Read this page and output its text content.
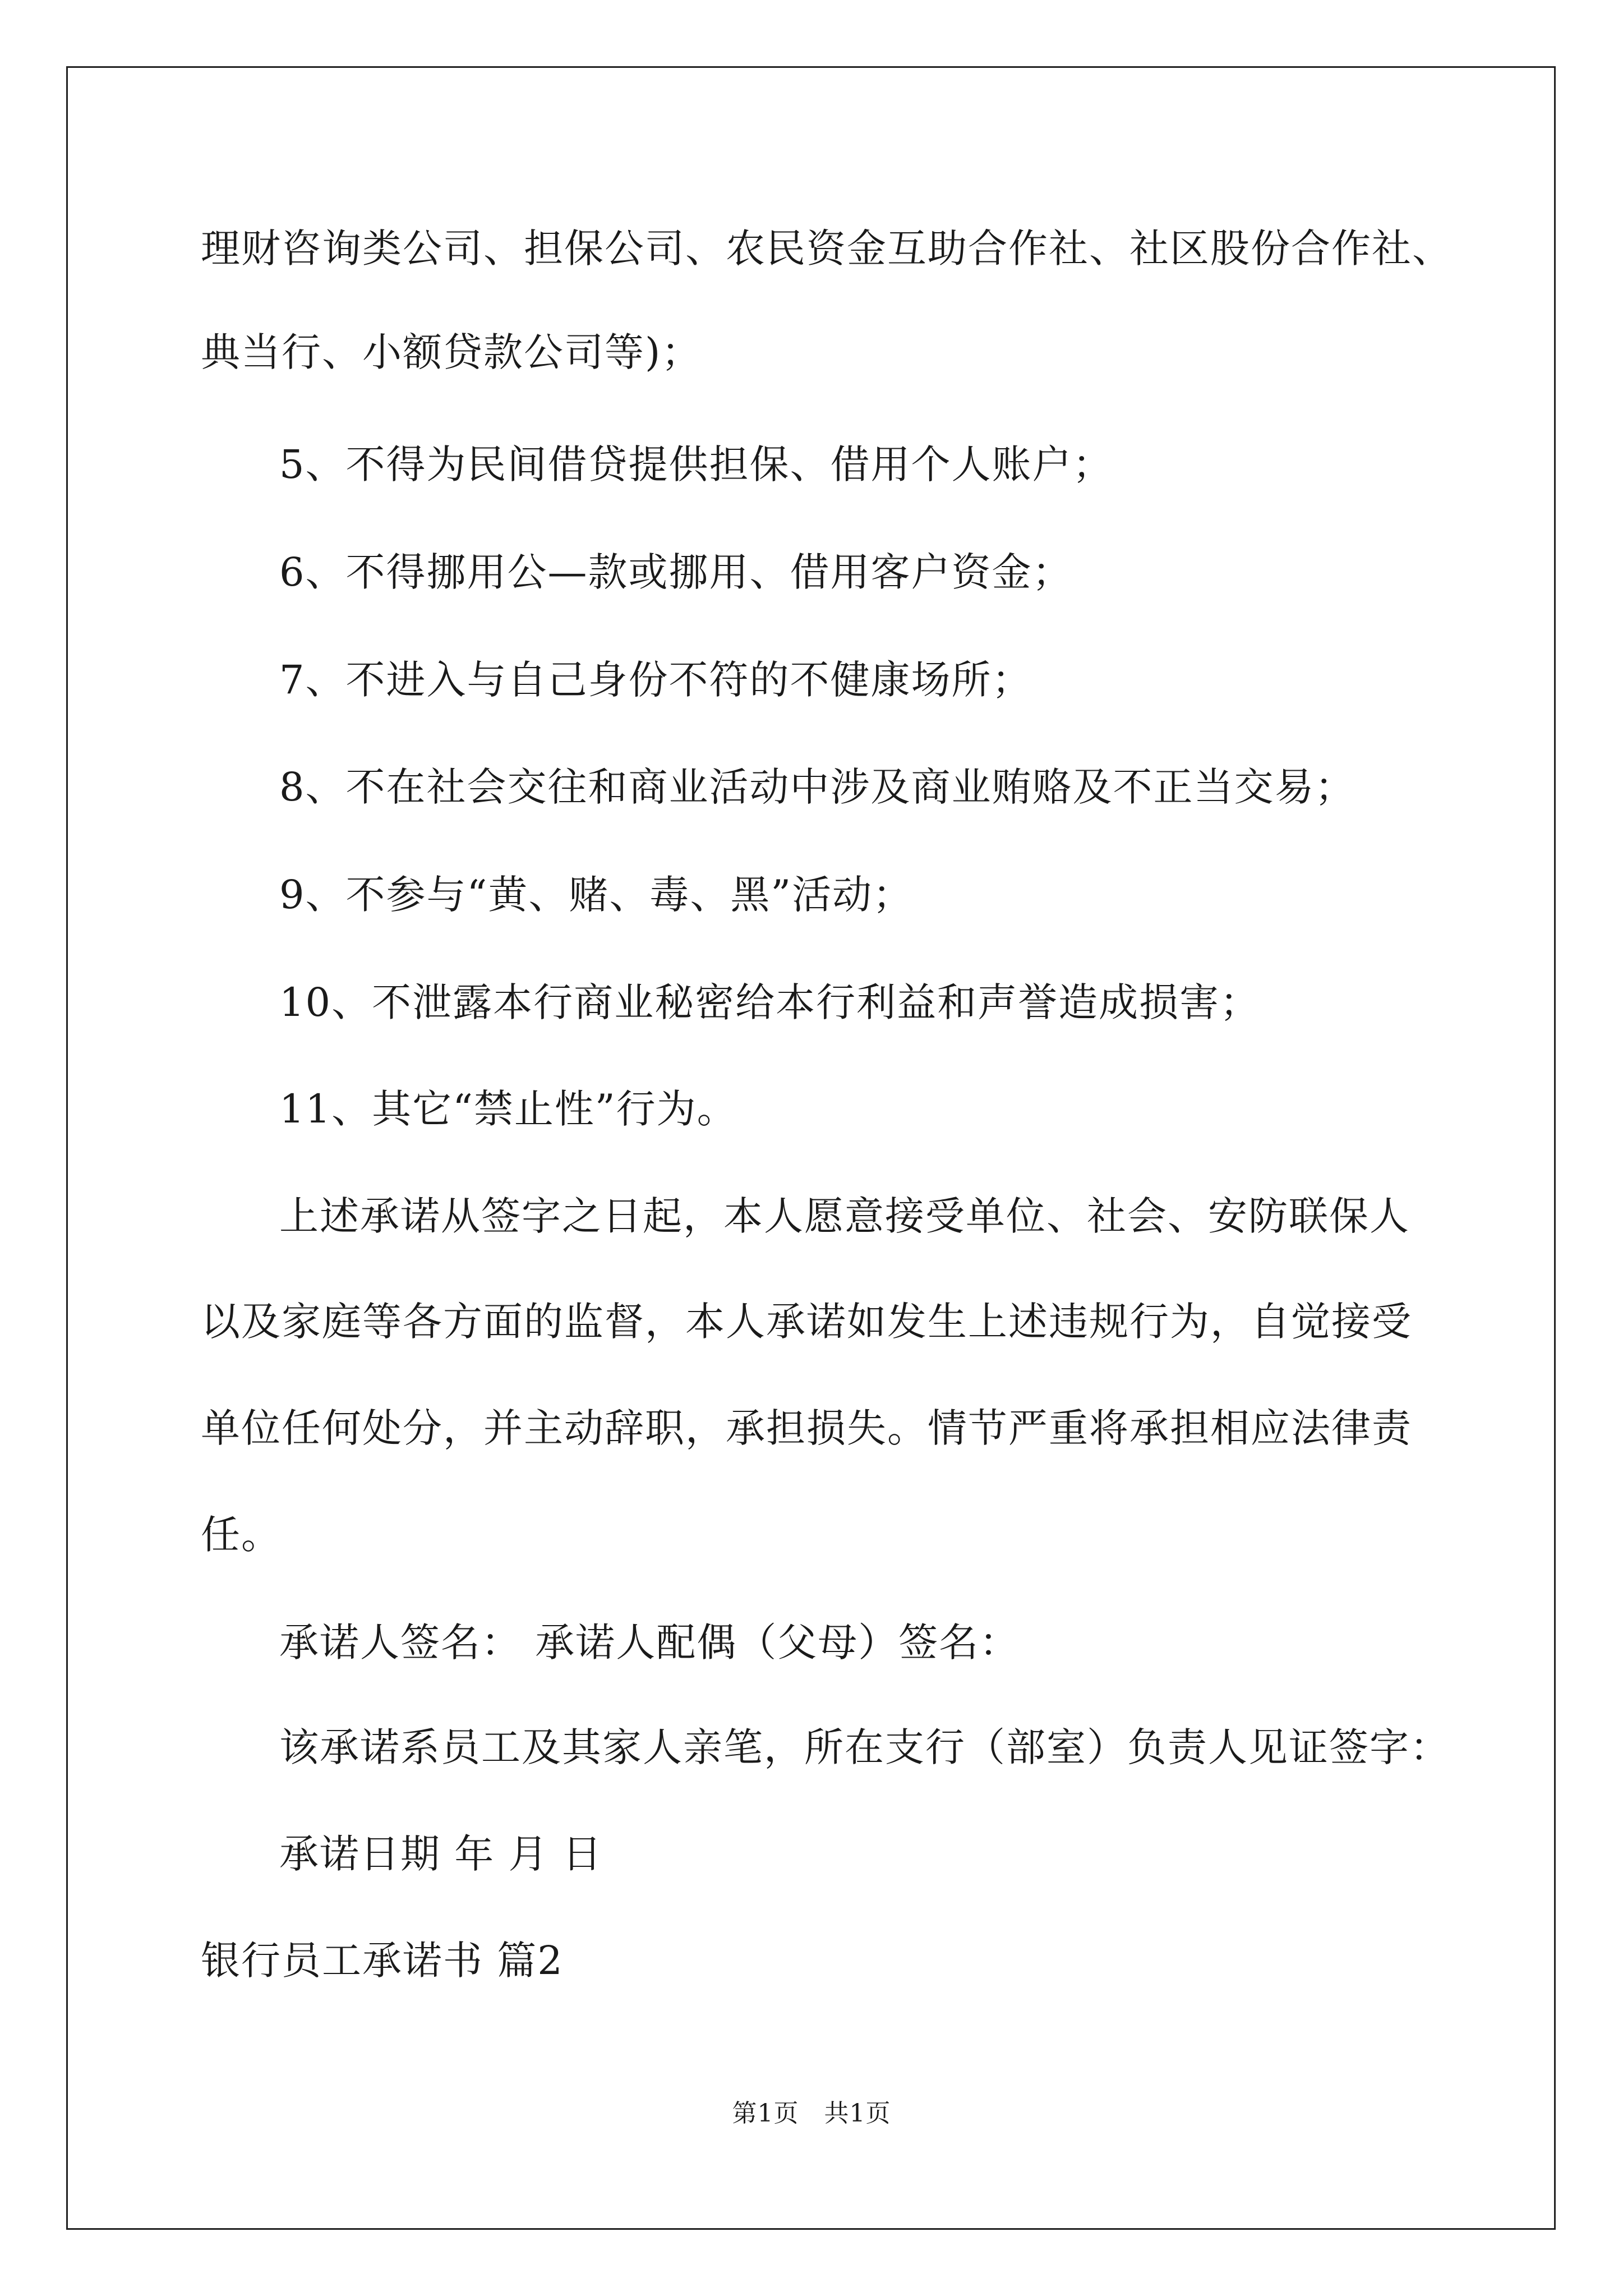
理财咨询类公司、担保公司、农民资金互助合作社、社区股份合作社、
典当行、小额贷款公司等)；
5、不得为民间借贷提供担保、借用个人账户；
6、不得挪用公—款或挪用、借用客户资金；
7、不进入与自己身份不符的不健康场所；
8、不在社会交往和商业活动中涉及商业贿赂及不正当交易；
9、不参与“黄、赌、毒、黑”活动；
10、不泄露本行商业秘密给本行利益和声誉造成损害；
11、其它“禁止性”行为。
上述承诺从签字之日起，本人愿意接受单位、社会、安防联保人
以及家庭等各方面的监督，本人承诺如发生上述违规行为，自觉接受
单位任何处分，并主动辞职，承担损失。情节严重将承担相应法律责
任。
承诺人签名： 承诺人配偶（父母）签名：
该承诺系员工及其家人亲笔，所在支行（部室）负责人见证签字：
承诺日期 年 月 日
银行员工承诺书 篇2
第1页　共1页
